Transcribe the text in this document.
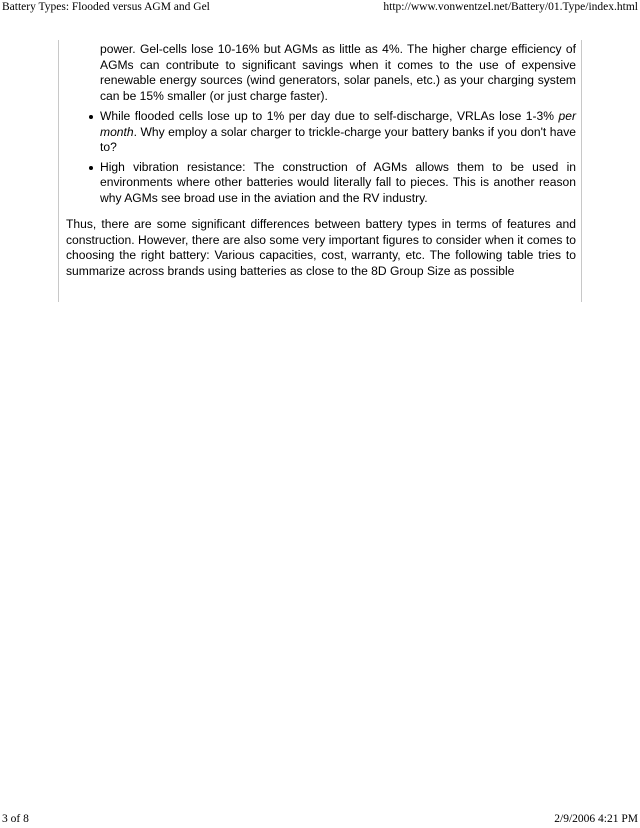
Battery Types: Flooded versus AGM and Gel	http://www.vonwentzel.net/Battery/01.Type/index.html
power. Gel-cells lose 10-16% but AGMs as little as 4%. The higher charge efficiency of AGMs can contribute to significant savings when it comes to the use of expensive renewable energy sources (wind generators, solar panels, etc.) as your charging system can be 15% smaller (or just charge faster).
While flooded cells lose up to 1% per day due to self-discharge, VRLAs lose 1-3% per month. Why employ a solar charger to trickle-charge your battery banks if you don't have to?
High vibration resistance: The construction of AGMs allows them to be used in environments where other batteries would literally fall to pieces. This is another reason why AGMs see broad use in the aviation and the RV industry.

Thus, there are some significant differences between battery types in terms of features and construction. However, there are also some very important figures to consider when it comes to choosing the right battery: Various capacities, cost, warranty, etc. The following table tries to summarize across brands using batteries as close to the 8D Group Size as possible

3 of 8	2/9/2006 4:21 PM
